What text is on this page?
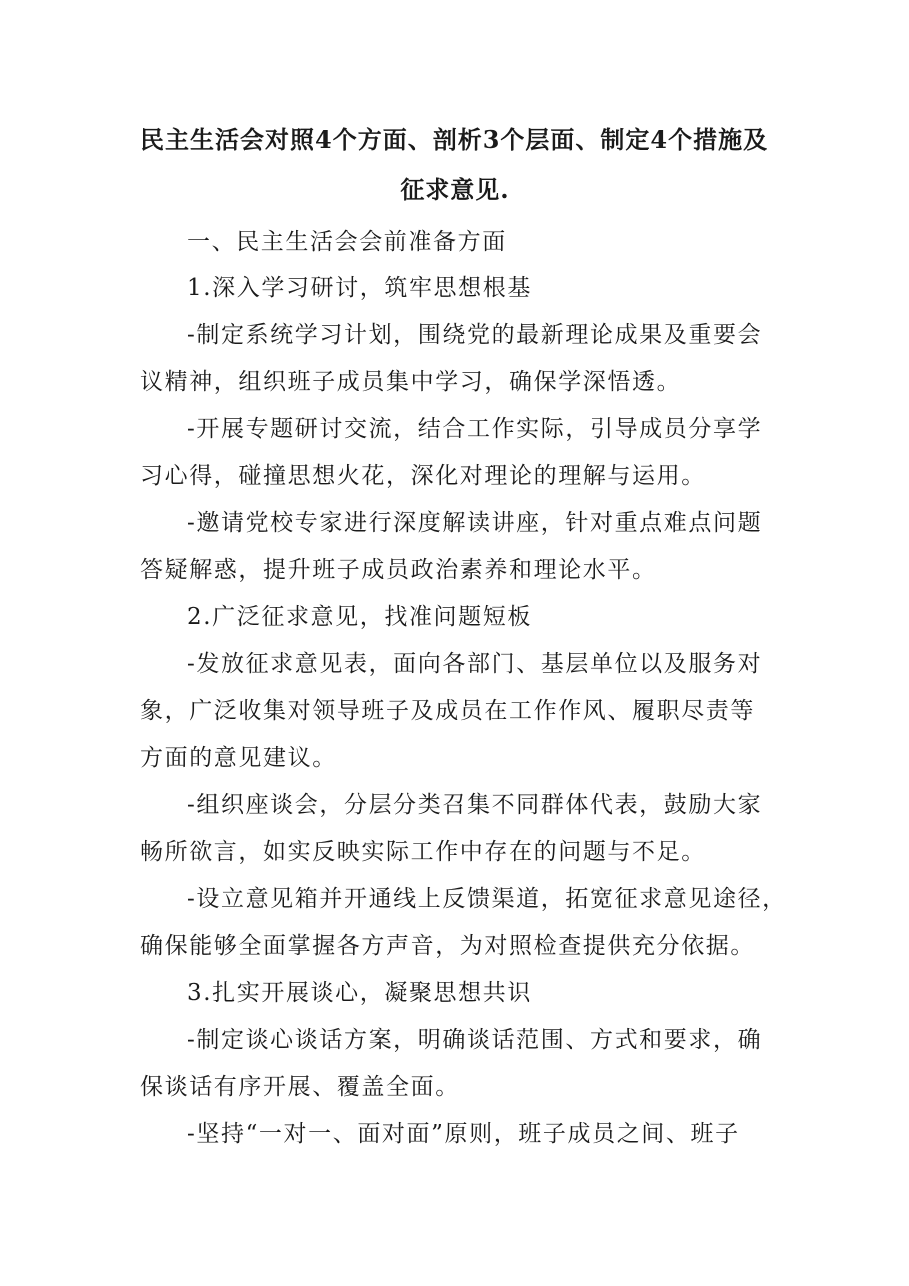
民主生活会对照4个方面、剖析3个层面、制定4个措施及
征求意见.
一、民主生活会会前准备方面
1.深入学习研讨，筑牢思想根基
-制定系统学习计划，围绕党的最新理论成果及重要会
议精神，组织班子成员集中学习，确保学深悟透。
-开展专题研讨交流，结合工作实际，引导成员分享学
习心得，碰撞思想火花，深化对理论的理解与运用。
-邀请党校专家进行深度解读讲座，针对重点难点问题
答疑解惑，提升班子成员政治素养和理论水平。
2.广泛征求意见，找准问题短板
-发放征求意见表，面向各部门、基层单位以及服务对
象，广泛收集对领导班子及成员在工作作风、履职尽责等
方面的意见建议。
-组织座谈会，分层分类召集不同群体代表，鼓励大家
畅所欲言，如实反映实际工作中存在的问题与不足。
-设立意见箱并开通线上反馈渠道，拓宽征求意见途径，
确保能够全面掌握各方声音，为对照检查提供充分依据。
3.扎实开展谈心，凝聚思想共识
-制定谈心谈话方案，明确谈话范围、方式和要求，确
保谈话有序开展、覆盖全面。
-坚持“一对一、面对面”原则，班子成员之间、班子
